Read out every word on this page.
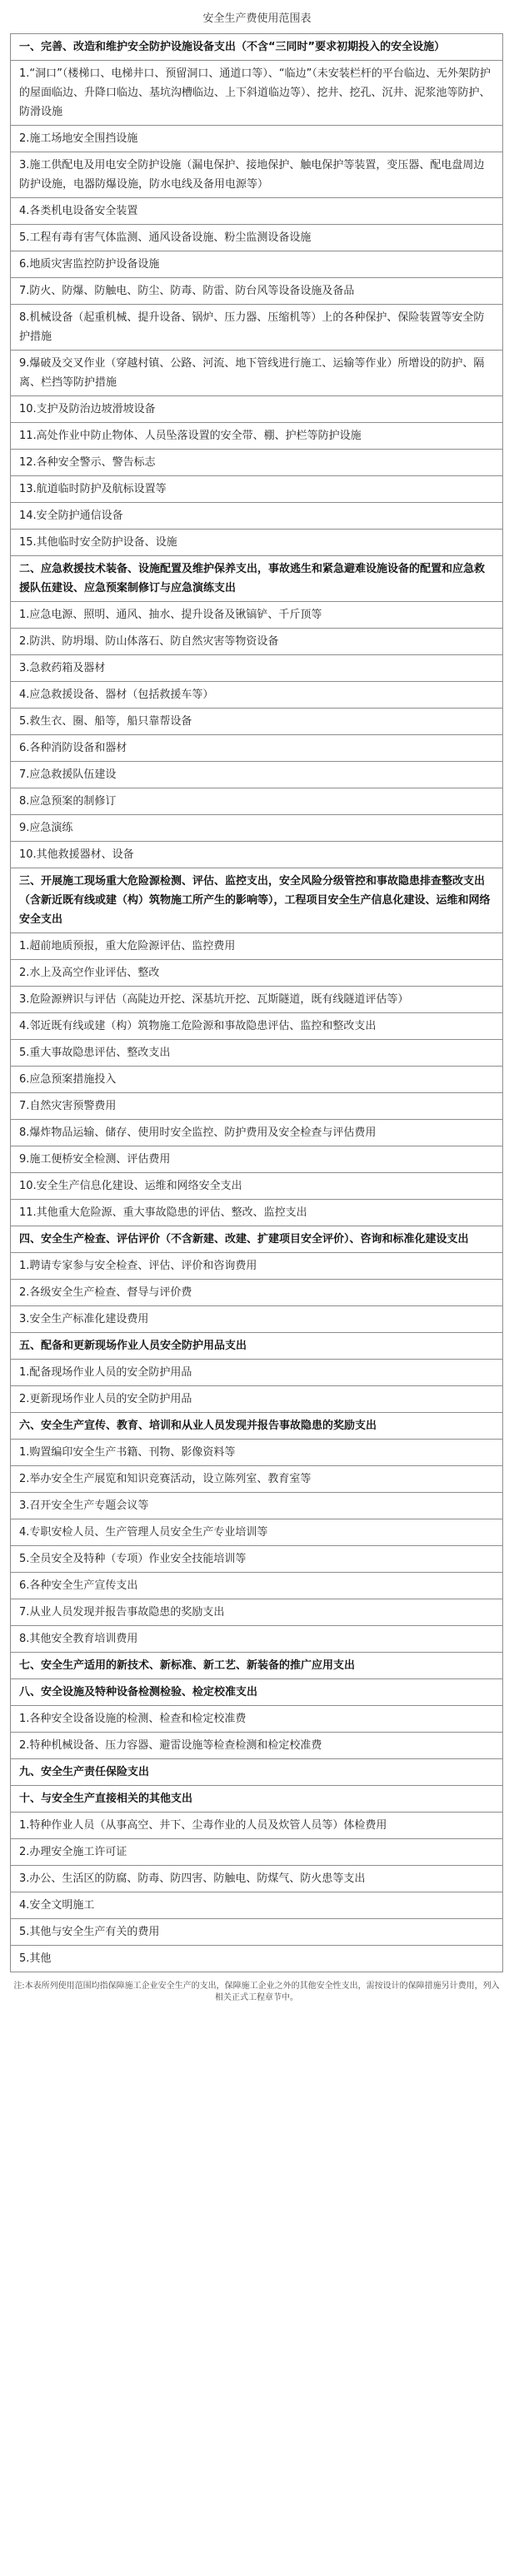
安全生产费使用范围表
一、完善、改造和维护安全防护设施设备支出（不含“三同时”要求初期投入的安全设施）
1.“洞口”（楼梯口、电梯井口、预留洞口、通道口等）、“临边”（未安装栏杆的平台临边、无外架防护的屋面临边、升降口临边、基坑沟槽临边、上下斜道临边等）、挖井、挖孔、沉井、泥浆池等防护、防滑设施
2.施工场地安全围挡设施
3.施工供配电及用电安全防护设施（漏电保护、接地保护、触电保护等装置，变压器、配电盘周边防护设施，电器防爆设施，防水电线及备用电源等）
4.各类机电设备安全装置
5.工程有毒有害气体监测、通风设备设施、粉尘监测设备设施
6.地质灾害监控防护设备设施
7.防火、防爆、防触电、防尘、防毒、防雷、防台风等设备设施及备品
8.机械设备（起重机械、提升设备、锅炉、压力器、压缩机等）上的各种保护、保险装置等安全防护措施
9.爆破及交叉作业（穿越村镇、公路、河流、地下管线进行施工、运输等作业）所增设的防护、隔离、栏挡等防护措施
10.支护及防治边坡滑坡设备
11.高处作业中防止物体、人员坠落设置的安全带、棚、护栏等防护设施
12.各种安全警示、警告标志
13.航道临时防护及航标设置等
14.安全防护通信设备
15.其他临时安全防护设备、设施
二、应急救援技术装备、设施配置及维护保养支出，事故逃生和紧急避难设施设备的配置和应急救援队伍建设、应急预案制修订与应急演练支出
1.应急电源、照明、通风、抽水、提升设备及锹镐铲、千斤顶等
2.防洪、防坍塌、防山体落石、防自然灾害等物资设备
3.急救药箱及器材
4.应急救援设备、器材（包括救援车等）
5.救生衣、圈、船等，船只靠帮设备
6.各种消防设备和器材
7.应急救援队伍建设
8.应急预案的制修订
9.应急演练
10.其他救援器材、设备
三、开展施工现场重大危险源检测、评估、监控支出，安全风险分级管控和事故隐患排查整改支出（含新近既有线或建（构）筑物施工所产生的影响等），工程项目安全生产信息化建设、运维和网络安全支出
1.超前地质预报，重大危险源评估、监控费用
2.水上及高空作业评估、整改
3.危险源辨识与评估（高陡边开挖、深基坑开挖、瓦斯隧道，既有线隧道评估等）
4.邻近既有线或建（构）筑物施工危险源和事故隐患评估、监控和整改支出
5.重大事故隐患评估、整改支出
6.应急预案措施投入
7.自然灾害预警费用
8.爆炸物品运输、储存、使用时安全监控、防护费用及安全检查与评估费用
9.施工便桥安全检测、评估费用
10.安全生产信息化建设、运维和网络安全支出
11.其他重大危险源、重大事故隐患的评估、整改、监控支出
四、安全生产检查、评估评价（不含新建、改建、扩建项目安全评价）、咨询和标准化建设支出
1.聘请专家参与安全检查、评估、评价和咨询费用
2.各级安全生产检查、督导与评价费
3.安全生产标准化建设费用
五、配备和更新现场作业人员安全防护用品支出
1.配备现场作业人员的安全防护用品
2.更新现场作业人员的安全防护用品
六、安全生产宣传、教育、培训和从业人员发现并报告事故隐患的奖励支出
1.购置编印安全生产书籍、刊物、影像资料等
2.举办安全生产展览和知识竞赛活动，设立陈列室、教育室等
3.召开安全生产专题会议等
4.专职安检人员、生产管理人员安全生产专业培训等
5.全员安全及特种（专项）作业安全技能培训等
6.各种安全生产宣传支出
7.从业人员发现并报告事故隐患的奖励支出
8.其他安全教育培训费用
七、安全生产适用的新技术、新标准、新工艺、新装备的推广应用支出
八、安全设施及特种设备检测检验、检定校准支出
1.各种安全设备设施的检测、检查和检定校准费
2.特种机械设备、压力容器、避雷设施等检查检测和检定校准费
九、安全生产责任保险支出
十、与安全生产直接相关的其他支出
1.特种作业人员（从事高空、井下、尘毒作业的人员及炊管人员等）体检费用
2.办理安全施工许可证
3.办公、生活区的防腐、防毒、防四害、防触电、防煤气、防火患等支出
4.安全文明施工
5.其他与安全生产有关的费用
5.其他
注:本表所列使用范围均指保障施工企业安全生产的支出，保障施工企业之外的其他安全性支出，需按设计的保障措施另计费用，列入相关正式工程章节中。
